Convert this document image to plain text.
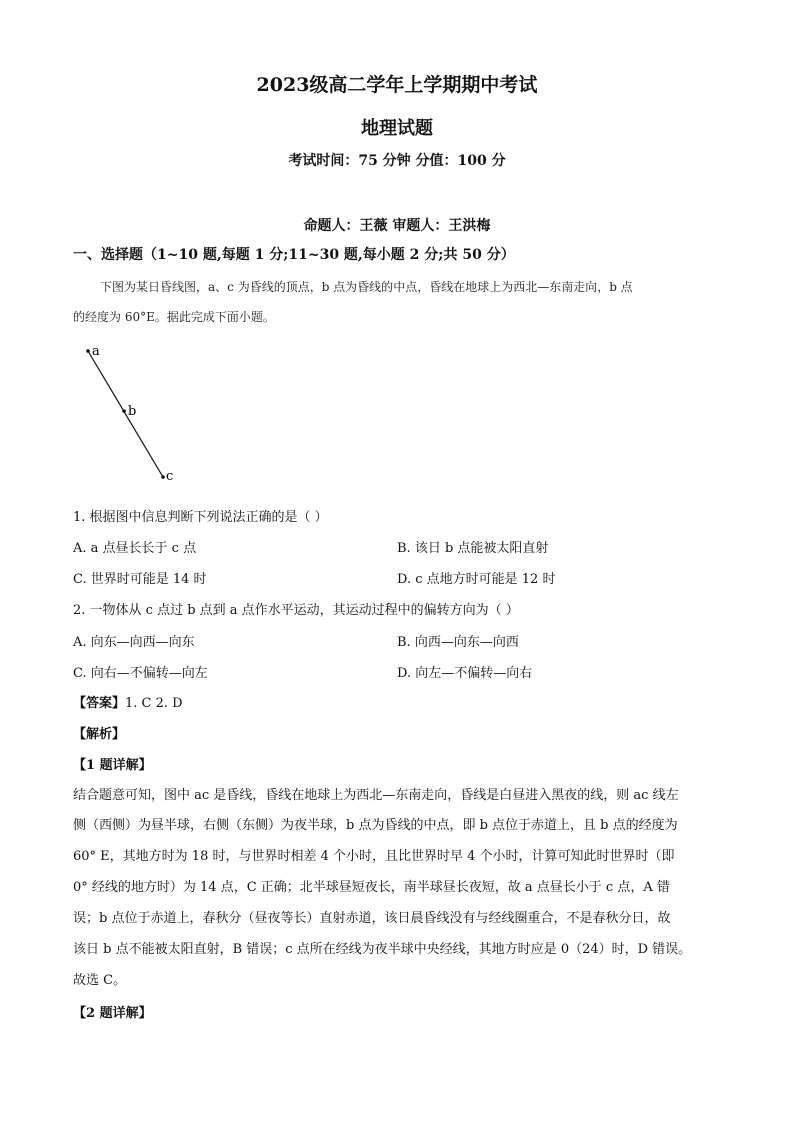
2023级高二学年上学期期中考试
地理试题
考试时间：75 分钟 分值：100 分
命题人：王薇 审题人：王洪梅
一、选择题（1~10 题,每题 1 分;11~30 题,每小题 2 分;共 50 分）
下图为某日昏线图，a、c 为昏线的顶点，b 点为昏线的中点，昏线在地球上为西北—东南走向，b 点
的经度为 60°E。据此完成下面小题。
a
b
c
1. 根据图中信息判断下列说法正确的是（ ）
A. a 点昼长长于 c 点	B. 该日 b 点能被太阳直射
C. 世界时可能是 14 时	D. c 点地方时可能是 12 时
2. 一物体从 c 点过 b 点到 a 点作水平运动，其运动过程中的偏转方向为（ ）
A. 向东—向西—向东	B. 向西—向东—向西
C. 向右—不偏转—向左	D. 向左—不偏转—向右
【答案】1. C 2. D
【解析】
【1 题详解】
结合题意可知，图中 ac 是昏线，昏线在地球上为西北—东南走向，昏线是白昼进入黑夜的线，则 ac 线左
侧（西侧）为昼半球，右侧（东侧）为夜半球，b 点为昏线的中点，即 b 点位于赤道上，且 b 点的经度为
60° E，其地方时为 18 时，与世界时相差 4 个小时，且比世界时早 4 个小时，计算可知此时世界时（即
0° 经线的地方时）为 14 点，C 正确；北半球昼短夜长，南半球昼长夜短，故 a 点昼长小于 c 点，A 错
误；b 点位于赤道上，春秋分（昼夜等长）直射赤道，该日晨昏线没有与经线圈重合，不是春秋分日，故
该日 b 点不能被太阳直射，B 错误；c 点所在经线为夜半球中央经线，其地方时应是 0（24）时，D 错误。
故选 C。
【2 题详解】
